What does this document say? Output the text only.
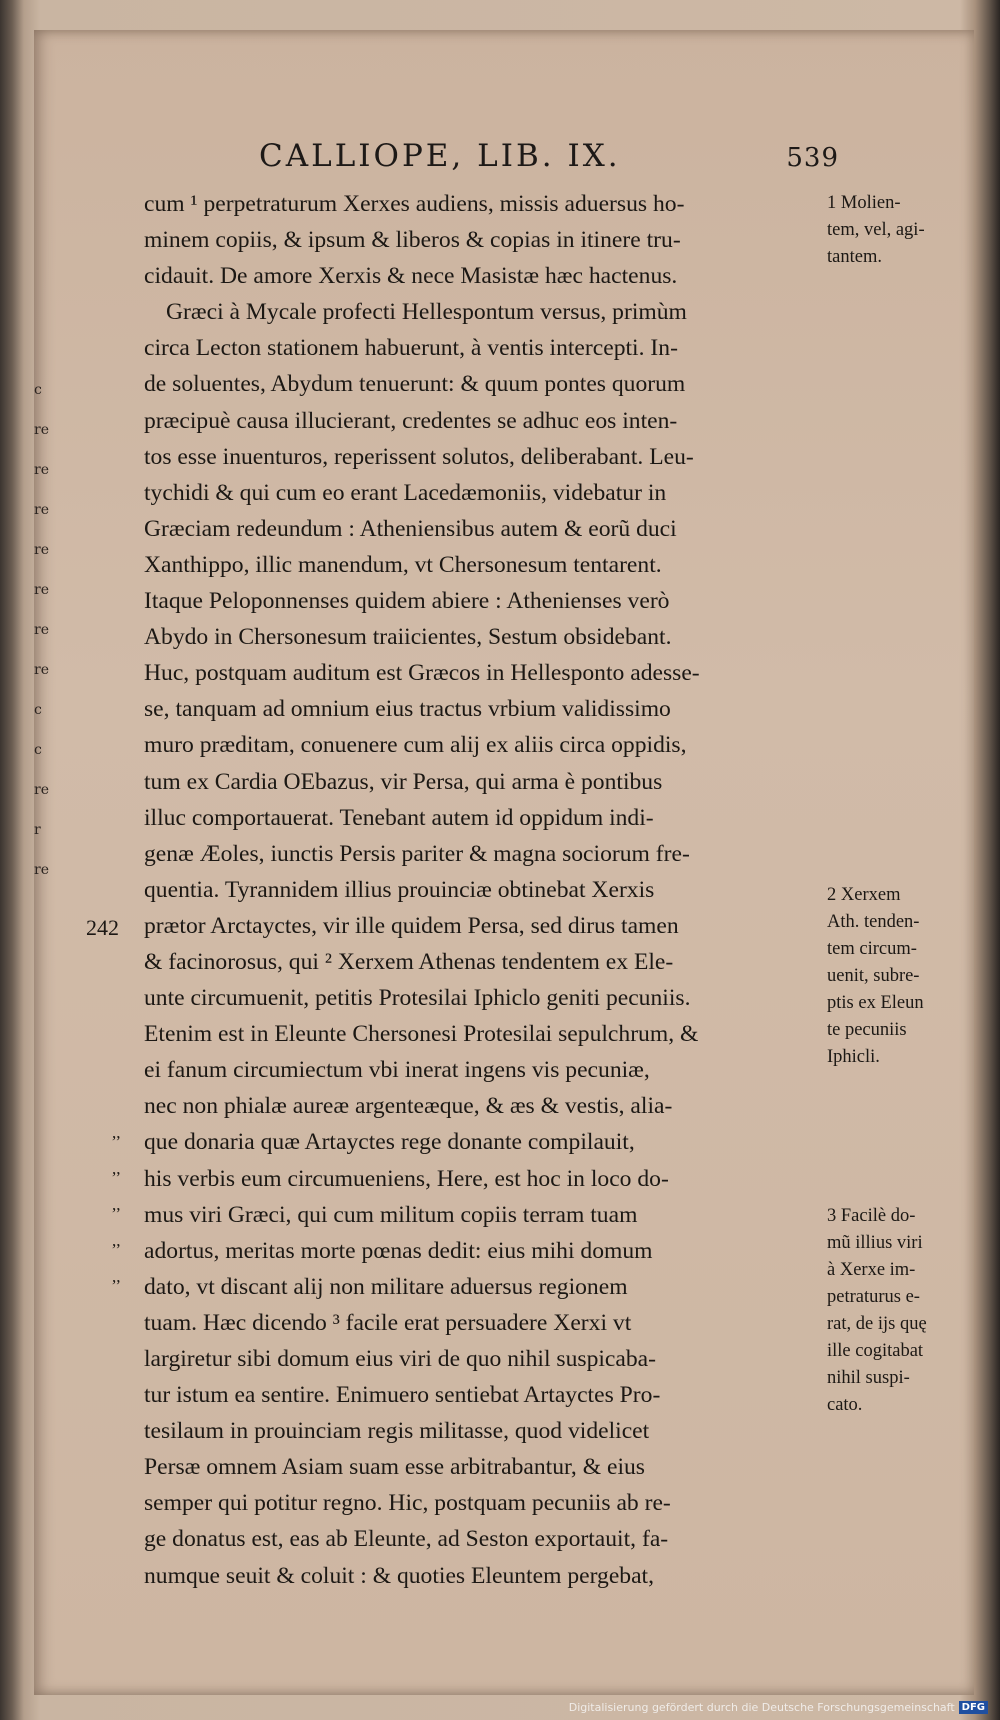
c
re
re
re
re
re
re
re
c
c
re
r
re
CALLIOPE, LIB. IX.	539
242
,,
,,
,,
,,
,,
cum ¹ perpetraturum Xerxes audiens, missis aduersus ho-
minem copiis, & ipsum & liberos & copias in itinere tru-
cidauit. De amore Xerxis & nece Masistæ hæc hactenus.
Græci à Mycale profecti Hellespontum versus, primùm
circa Lecton stationem habuerunt, à ventis intercepti. In-
de soluentes, Abydum tenuerunt: & quum pontes quorum
præcipuè causa illucierant, credentes se adhuc eos inten-
tos esse inuenturos, reperissent solutos, deliberabant. Leu-
tychidi & qui cum eo erant Lacedæmoniis, videbatur in
Græciam redeundum : Atheniensibus autem & eorũ duci
Xanthippo, illic manendum, vt Chersonesum tentarent.
Itaque Peloponnenses quidem abiere : Athenienses verò
Abydo in Chersonesum traiicientes, Sestum obsidebant.
Huc, postquam auditum est Græcos in Hellesponto adesse-
se, tanquam ad omnium eius tractus vrbium validissimo
muro præditam, conuenere cum alij ex aliis circa oppidis,
tum ex Cardia OEbazus, vir Persa, qui arma è pontibus
illuc comportauerat. Tenebant autem id oppidum indi-
genæ Æoles, iunctis Persis pariter & magna sociorum fre-
quentia. Tyrannidem illius prouinciæ obtinebat Xerxis
prætor Arctayctes, vir ille quidem Persa, sed dirus tamen
& facinorosus, qui ² Xerxem Athenas tendentem ex Ele-
unte circumuenit, petitis Protesilai Iphiclo geniti pecuniis.
Etenim est in Eleunte Chersonesi Protesilai sepulchrum, &
ei fanum circumiectum vbi inerat ingens vis pecuniæ,
nec non phialæ aureæ argenteæque, & æs & vestis, alia-
que donaria quæ Artayctes rege donante compilauit,
his verbis eum circumueniens, Here, est hoc in loco do-
mus viri Græci, qui cum militum copiis terram tuam
adortus, meritas morte pœnas dedit: eius mihi domum
dato, vt discant alij non militare aduersus regionem
tuam. Hæc dicendo ³ facile erat persuadere Xerxi vt
largiretur sibi domum eius viri de quo nihil suspicaba-
tur istum ea sentire. Enimuero sentiebat Artayctes Pro-
tesilaum in prouinciam regis militasse, quod videlicet
Persæ omnem Asiam suam esse arbitrabantur, & eius
semper qui potitur regno. Hic, postquam pecuniis ab re-
ge donatus est, eas ab Eleunte, ad Seston exportauit, fa-
numque seuit & coluit : & quoties Eleuntem pergebat,
1 Molien-
tem, vel, agi-
tantem.
2 Xerxem
Ath. tenden-
tem circum-
uenit, subre-
ptis ex Eleun
te pecuniis
Iphicli.
3 Facilè do-
mũ illius viri
à Xerxe im-
petraturus e-
rat, de ijs quę
ille cogitabat
nihil suspi-
cato.
Digitalisierung gefördert durch die Deutsche Forschungsgemeinschaft DFG
